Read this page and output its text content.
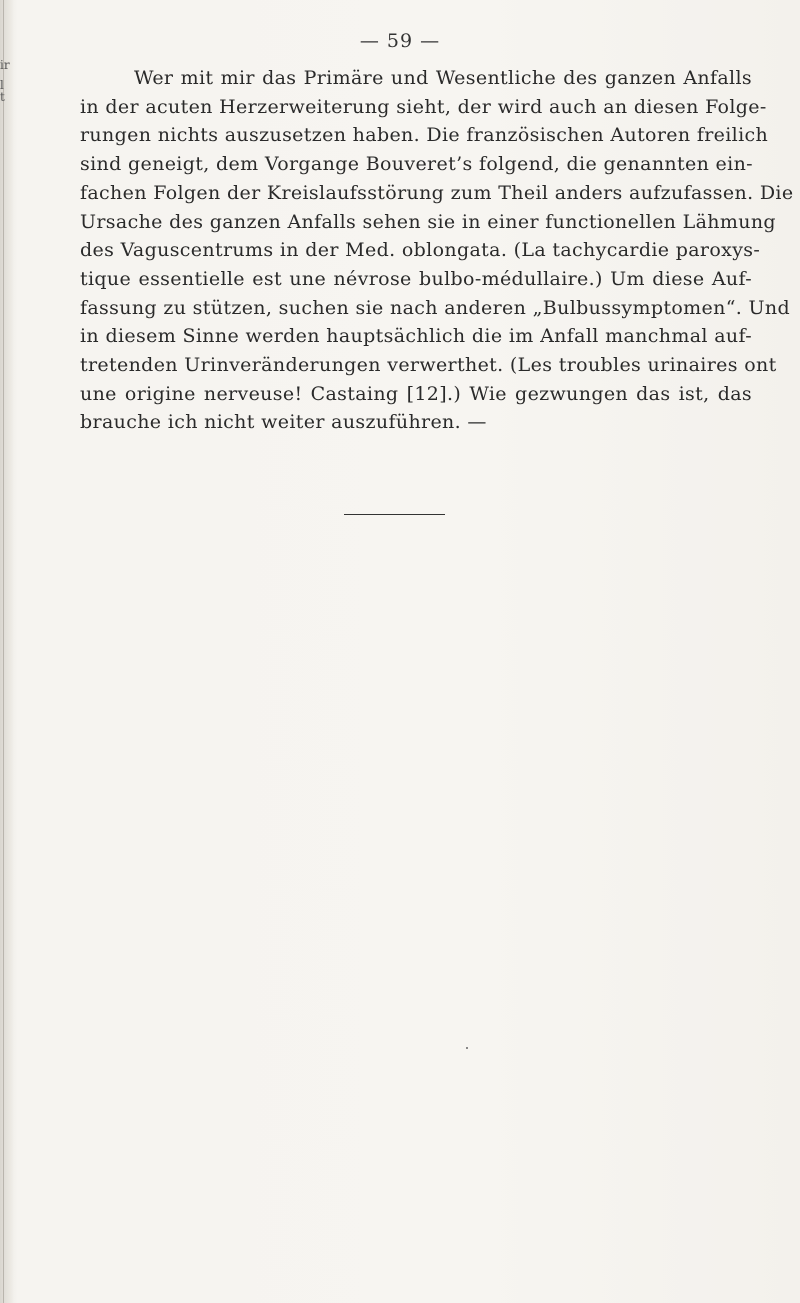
ir
l
t
— 59 —

Wer mit mir das Primäre und Wesentliche des ganzen Anfalls
in der acuten Herzerweiterung sieht, der wird auch an diesen Folge-
rungen nichts auszusetzen haben. Die französischen Autoren freilich
sind geneigt, dem Vorgange Bouveret’s folgend, die genannten ein-
fachen Folgen der Kreislaufsstörung zum Theil anders aufzufassen. Die
Ursache des ganzen Anfalls sehen sie in einer functionellen Lähmung
des Vaguscentrums in der Med. oblongata. (La tachycardie paroxys-
tique essentielle est une névrose bulbo-médullaire.) Um diese Auf-
fassung zu stützen, suchen sie nach anderen „Bulbussymptomen“. Und
in diesem Sinne werden hauptsächlich die im Anfall manchmal auf-
tretenden Urinveränderungen verwerthet. (Les troubles urinaires ont
une origine nerveuse! Castaing [12].) Wie gezwungen das ist, das
brauche ich nicht weiter auszuführen. —
